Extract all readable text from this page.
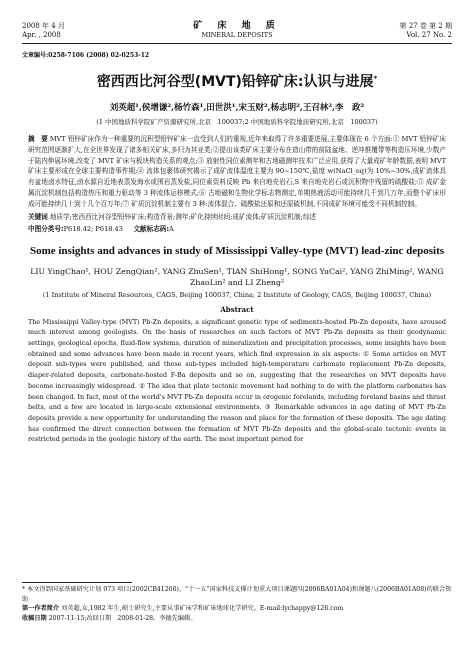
2008 年 4 月
Apr. , 2008
矿 床 地 质
MINERAL DEPOSITS
第 27 卷 第 2 期
Vol. 27 No. 2
文章编号:0258-7106 (2008) 02-0253-12
密西西比河谷型(MVT)铅锌矿床:认识与进展*
刘英超¹,侯增谦²,杨竹森¹,田世洪¹,宋玉财²,杨志明²,王召林²,李　政²
(1 中国地质科学院矿产资源研究所,北京　100037;2 中国地质科学院地质研究所,北京　100037)
摘　要 MVT 铅锌矿床作为一种重要的沉积型铅锌矿床一直受到人们的重视,近年来取得了许多重要进展,主要体现在 6 个方面:① MVT 铅锌矿床研究范围逐渐扩大,在全世界发现了诸多相关矿床,多归为其亚类;②提出该类矿床主要分布在造山带的前陆盆地、逆冲推覆带等构造压环境,少数产于陆内伸展环境,改变了 MVT 矿床与板块构造关系的观点;③ 放射性同位素测年和古地磁测年技术广泛应用,获得了大量成矿年龄数据,表明 MVT 矿床主要形成在全球主要构造事件期;④ 流体包裹体研究揭示了成矿流体温度主要为 90~150℃,盐度 w(NaCl_eq)为 10%~30%,成矿流体具有盆地卤水特征,卤水源自近地表蒸发海水或围岩蒸发盐,同位素资料反映 Pb 来自地壳岩石,S 来自地壳岩石或沉积物中残留的硫酸盐;⑤ 成矿金属沉淀机制包括构造热压和重力驱动等 3 种流体运移模式;⑥ 古地磁和生物化学标志物测定,单期热液活动可能持续几千到几万年,而整个矿床形成可能持续几十到十几个百万年;⑦ 矿质沉淀机制主要有 3 种:流体混合、硫酸盐还原和还原硫机制,不同成矿环境可能受不同机制控制。
关键词 地质学;密西西比河谷型铅锌矿床;构造背景;测年;矿化持续时间;成矿流体;矿质沉淀机制;综述
中图分类号:P618.42; P618.43 文献标志码:A
Some insights and advances in study of Mississippi Valley-type (MVT) lead-zinc deposits
LIU YingChao¹, HOU ZengQian², YANG ZhuSen¹, TIAN ShiHong¹, SONG YuCai², YANG ZhiMing², WANG ZhaoLin² and LI Zheng²
(1 Institute of Mineral Resources, CAGS, Beijing 100037, China; 2 Institute of Geology, CAGS, Beijing 100037, China)
Abstract
The Mississippi Valley-type (MVT) Pb-Zn deposits, a significant genetic type of sediments-hosted Pb-Zn deposits, have aroused much interest among geologists. On the basis of researches on such factors of MVT Pb-Zn deposits as their geodynamic settings, geological epochs, fluid-flow systems, duration of mineralization and precipitation processes, some insights have been obtained and some advances have been made in recent years, which find expression in six aspects: ① Some articles on MVT deposit sub-types were published, and these sub-types included high-temperature carbonate replacement Pb-Zn deposits, diaper-related deposits, carbonate-hosted F-Ba deposits and so on, suggesting that the researches on MVT deposits have become increasingly widespread. ② The idea that plate tectonic movement had nothing to do with the platform carbonates has been changed. In fact, most of the world's MVT Pb-Zn deposits occur in orogenic forelands, including foreland basins and thrust belts, and a few are located in large-scale extensional environments. ③ Remarkable advances in age dating of MVT Pb-Zn deposits provide a new opportunity for understanding the reason and place for the formation of these deposits. The age dating has confirmed the direct connection between the formation of MVT Pb-Zn deposits and the global-scale tectonic events in restricted periods in the geologic history of the earth. The most important period for
* 本文得到国家基础研究计划 973 项目(2002CB41260)、"十一五"国家科技支撑计划重大项目课题四(2006BA01A04)和课题八(2006BA01A08)的联合资助
第一作者简介 刘英超,女,1982 年生,硕士研究生,主要从事矿床学和矿床地球化学研究。E-mail:lychappy@126.com
收稿日期 2007-11-15;改回日期　2008-01-28。李德先编辑。
